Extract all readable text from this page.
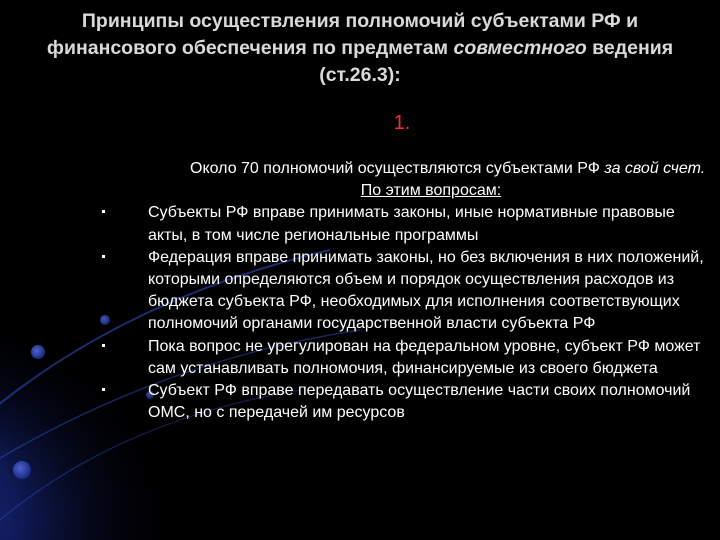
Принципы осуществления полномочий субъектами РФ и финансового обеспечения по предметам совместного ведения (ст.26.3):
1.
Около 70 полномочий осуществляются субъектами РФ за свой счет.
По этим вопросам:
Субъекты РФ вправе принимать законы, иные нормативные правовые акты, в том числе региональные программы
Федерация вправе принимать законы, но без включения в них положений, которыми определяются объем и порядок осуществления расходов из бюджета субъекта РФ, необходимых для исполнения соответствующих полномочий органами государственной власти субъекта РФ
Пока вопрос не урегулирован на федеральном уровне, субъект РФ может сам устанавливать полномочия, финансируемые из своего бюджета
Субъект РФ вправе передавать осуществление части своих полномочий ОМС, но с передачей им ресурсов
